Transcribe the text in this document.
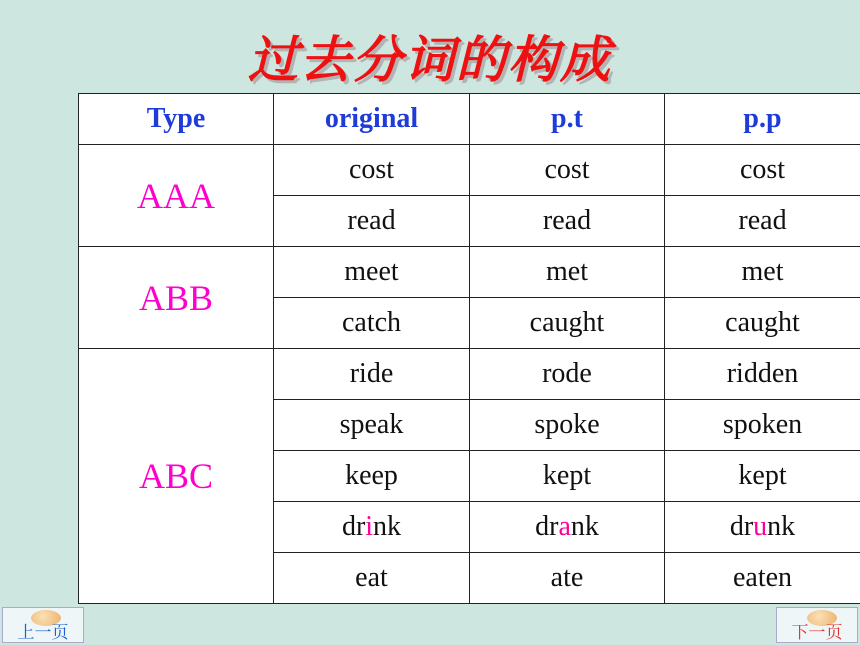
过去分词的构成
Type	original	p.t	p.p
AAA	cost	cost	cost
	read	read	read
ABB	meet	met	met
	catch	caught	caught
ABC	ride	rode	ridden
	speak	spoke	spoken
	keep	kept	kept
	drink	drank	drunk
	eat	ate	eaten
上一页	下一页
